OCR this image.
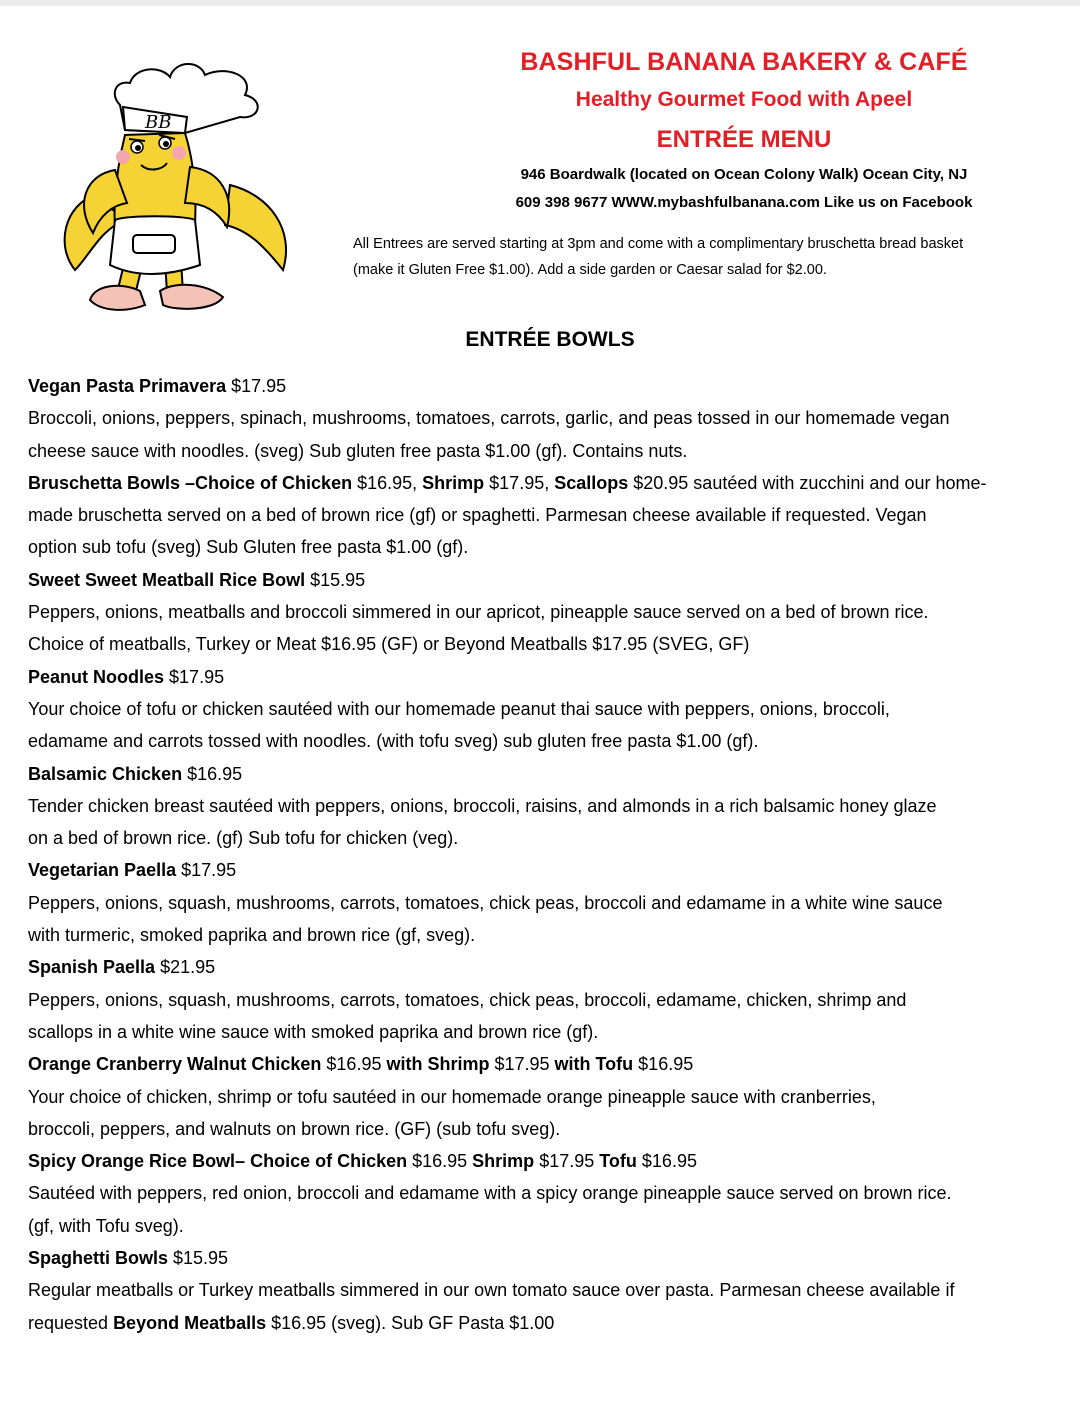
BB
BASHFUL BANANA BAKERY & CAFÉ
Healthy Gourmet Food with Apeel
ENTRÉE MENU
946 Boardwalk (located on Ocean Colony Walk) Ocean City, NJ
609 398 9677 WWW.mybashfulbanana.com Like us on Facebook
All Entrees are served starting at 3pm and come with a complimentary bruschetta bread basket
(make it Gluten Free $1.00). Add a side garden or Caesar salad for $2.00.
ENTRÉE BOWLS

Vegan Pasta Primavera $17.95

Broccoli, onions, peppers, spinach, mushrooms, tomatoes, carrots, garlic, and peas tossed in our homemade vegan

cheese sauce with noodles. (sveg) Sub gluten free pasta $1.00 (gf). Contains nuts.

Bruschetta Bowls –Choice of Chicken $16.95, Shrimp $17.95, Scallops $20.95 sautéed with zucchini and our home-

made bruschetta served on a bed of brown rice (gf) or spaghetti. Parmesan cheese available if requested. Vegan

option sub tofu (sveg) Sub Gluten free pasta $1.00 (gf).

Sweet Sweet Meatball Rice Bowl $15.95

Peppers, onions, meatballs and broccoli simmered in our apricot, pineapple sauce served on a bed of brown rice.

Choice of meatballs, Turkey or Meat $16.95 (GF) or Beyond Meatballs $17.95 (SVEG, GF)

Peanut Noodles $17.95

Your choice of tofu or chicken sautéed with our homemade peanut thai sauce with peppers, onions, broccoli,

edamame and carrots tossed with noodles. (with tofu sveg) sub gluten free pasta $1.00 (gf).

Balsamic Chicken $16.95

Tender chicken breast sautéed with peppers, onions, broccoli, raisins, and almonds in a rich balsamic honey glaze

on a bed of brown rice. (gf) Sub tofu for chicken (veg).

Vegetarian Paella $17.95

Peppers, onions, squash, mushrooms, carrots, tomatoes, chick peas, broccoli and edamame in a white wine sauce

with turmeric, smoked paprika and brown rice (gf, sveg).

Spanish Paella $21.95

Peppers, onions, squash, mushrooms, carrots, tomatoes, chick peas, broccoli, edamame, chicken, shrimp and

scallops in a white wine sauce with smoked paprika and brown rice (gf).

Orange Cranberry Walnut Chicken $16.95 with Shrimp $17.95 with Tofu $16.95

Your choice of chicken, shrimp or tofu sautéed in our homemade orange pineapple sauce with cranberries,

broccoli, peppers, and walnuts on brown rice. (GF) (sub tofu sveg).

Spicy Orange Rice Bowl– Choice of Chicken $16.95 Shrimp $17.95 Tofu $16.95

Sautéed with peppers, red onion, broccoli and edamame with a spicy orange pineapple sauce served on brown rice.

(gf, with Tofu sveg).

Spaghetti Bowls $15.95

Regular meatballs or Turkey meatballs simmered in our own tomato sauce over pasta. Parmesan cheese available if

requested Beyond Meatballs $16.95 (sveg). Sub GF Pasta $1.00
